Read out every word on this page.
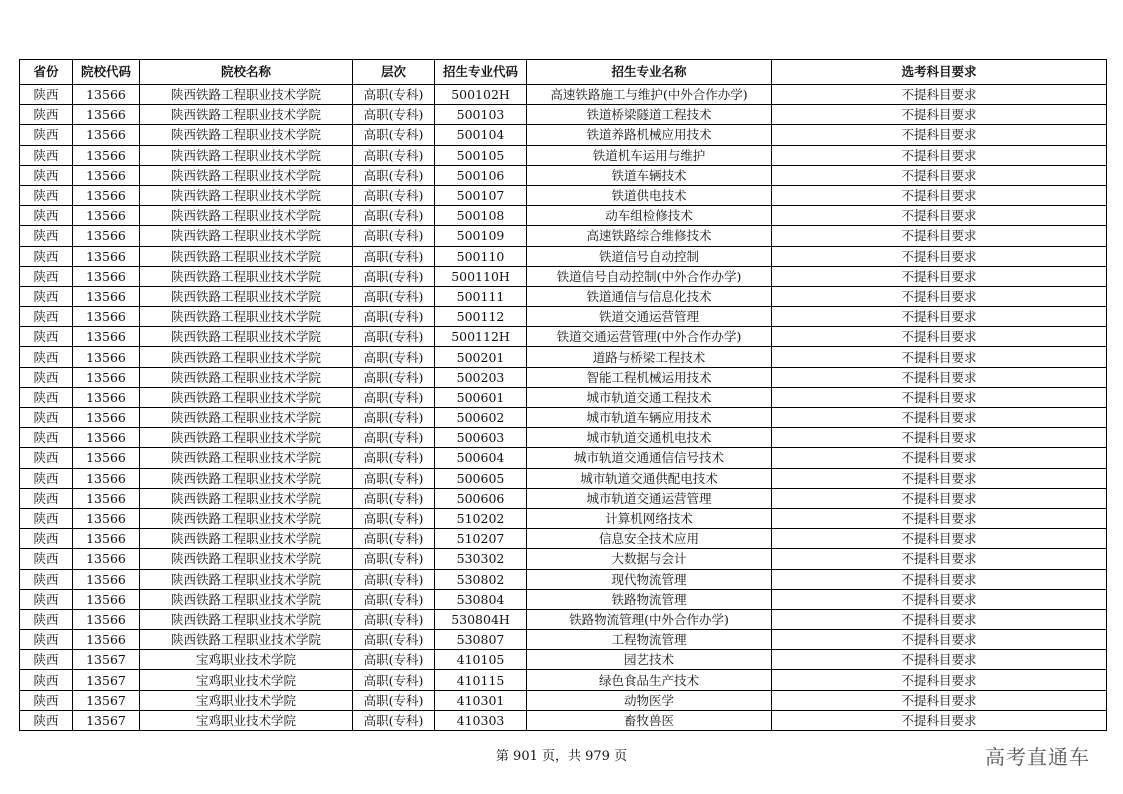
省份	院校代码	院校名称	层次	招生专业代码	招生专业名称	选考科目要求
陕西	13566	陕西铁路工程职业技术学院	高职(专科)	500102H	高速铁路施工与维护(中外合作办学)	不提科目要求
陕西	13566	陕西铁路工程职业技术学院	高职(专科)	500103	铁道桥梁隧道工程技术	不提科目要求
陕西	13566	陕西铁路工程职业技术学院	高职(专科)	500104	铁道养路机械应用技术	不提科目要求
陕西	13566	陕西铁路工程职业技术学院	高职(专科)	500105	铁道机车运用与维护	不提科目要求
陕西	13566	陕西铁路工程职业技术学院	高职(专科)	500106	铁道车辆技术	不提科目要求
陕西	13566	陕西铁路工程职业技术学院	高职(专科)	500107	铁道供电技术	不提科目要求
陕西	13566	陕西铁路工程职业技术学院	高职(专科)	500108	动车组检修技术	不提科目要求
陕西	13566	陕西铁路工程职业技术学院	高职(专科)	500109	高速铁路综合维修技术	不提科目要求
陕西	13566	陕西铁路工程职业技术学院	高职(专科)	500110	铁道信号自动控制	不提科目要求
陕西	13566	陕西铁路工程职业技术学院	高职(专科)	500110H	铁道信号自动控制(中外合作办学)	不提科目要求
陕西	13566	陕西铁路工程职业技术学院	高职(专科)	500111	铁道通信与信息化技术	不提科目要求
陕西	13566	陕西铁路工程职业技术学院	高职(专科)	500112	铁道交通运营管理	不提科目要求
陕西	13566	陕西铁路工程职业技术学院	高职(专科)	500112H	铁道交通运营管理(中外合作办学)	不提科目要求
陕西	13566	陕西铁路工程职业技术学院	高职(专科)	500201	道路与桥梁工程技术	不提科目要求
陕西	13566	陕西铁路工程职业技术学院	高职(专科)	500203	智能工程机械运用技术	不提科目要求
陕西	13566	陕西铁路工程职业技术学院	高职(专科)	500601	城市轨道交通工程技术	不提科目要求
陕西	13566	陕西铁路工程职业技术学院	高职(专科)	500602	城市轨道车辆应用技术	不提科目要求
陕西	13566	陕西铁路工程职业技术学院	高职(专科)	500603	城市轨道交通机电技术	不提科目要求
陕西	13566	陕西铁路工程职业技术学院	高职(专科)	500604	城市轨道交通通信信号技术	不提科目要求
陕西	13566	陕西铁路工程职业技术学院	高职(专科)	500605	城市轨道交通供配电技术	不提科目要求
陕西	13566	陕西铁路工程职业技术学院	高职(专科)	500606	城市轨道交通运营管理	不提科目要求
陕西	13566	陕西铁路工程职业技术学院	高职(专科)	510202	计算机网络技术	不提科目要求
陕西	13566	陕西铁路工程职业技术学院	高职(专科)	510207	信息安全技术应用	不提科目要求
陕西	13566	陕西铁路工程职业技术学院	高职(专科)	530302	大数据与会计	不提科目要求
陕西	13566	陕西铁路工程职业技术学院	高职(专科)	530802	现代物流管理	不提科目要求
陕西	13566	陕西铁路工程职业技术学院	高职(专科)	530804	铁路物流管理	不提科目要求
陕西	13566	陕西铁路工程职业技术学院	高职(专科)	530804H	铁路物流管理(中外合作办学)	不提科目要求
陕西	13566	陕西铁路工程职业技术学院	高职(专科)	530807	工程物流管理	不提科目要求
陕西	13567	宝鸡职业技术学院	高职(专科)	410105	园艺技术	不提科目要求
陕西	13567	宝鸡职业技术学院	高职(专科)	410115	绿色食品生产技术	不提科目要求
陕西	13567	宝鸡职业技术学院	高职(专科)	410301	动物医学	不提科目要求
陕西	13567	宝鸡职业技术学院	高职(专科)	410303	畜牧兽医	不提科目要求
第 901 页，共 979 页	高考直通车
